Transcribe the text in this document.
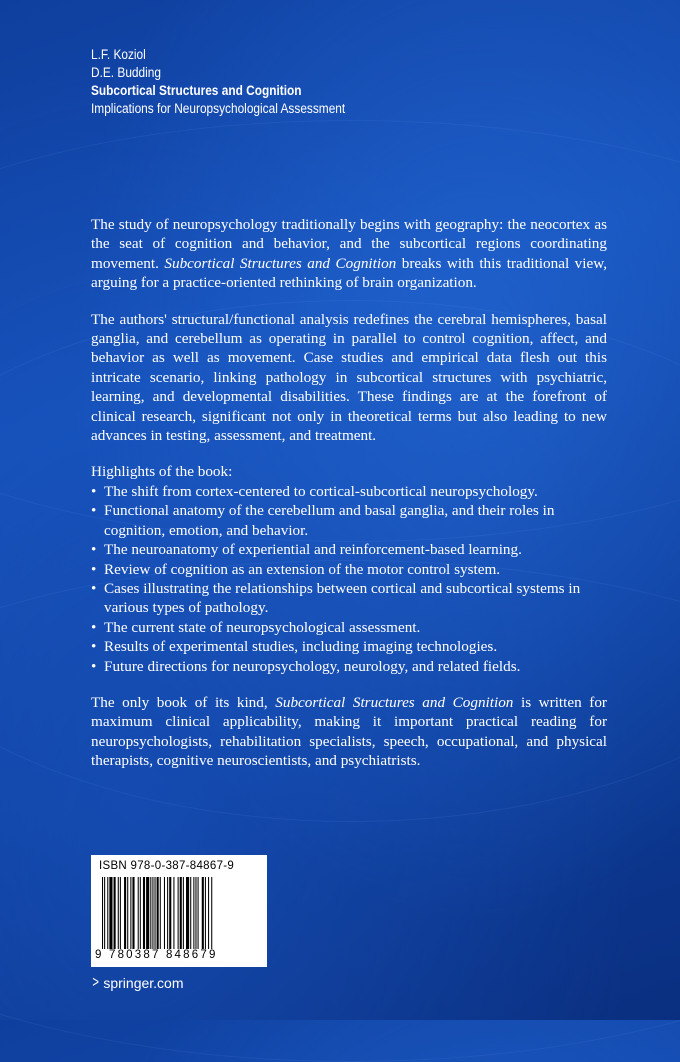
L.F. Koziol
D.E. Budding
Subcortical Structures and Cognition
Implications for Neuropsychological Assessment

The study of neuropsychology traditionally begins with geography: the neocortex as the seat of cognition and behavior, and the subcortical regions coordinating movement. Subcortical Structures and Cognition breaks with this traditional view, arguing for a practice-oriented rethinking of brain organization.

The authors' structural/functional analysis redefines the cerebral hemispheres, basal ganglia, and cerebellum as operating in parallel to control cognition, affect, and behavior as well as movement. Case studies and empirical data flesh out this intricate scenario, linking pathology in subcortical structures with psychiatric, learning, and developmental disabilities. These findings are at the forefront of clinical research, significant not only in theoretical terms but also leading to new advances in testing, assessment, and treatment.

Highlights of the book:

• The shift from cortex-centered to cortical-subcortical neuropsychology.
• Functional anatomy of the cerebellum and basal ganglia, and their roles in cognition, emotion, and behavior.
• The neuroanatomy of experiential and reinforcement-based learning.
• Review of cognition as an extension of the motor control system.
• Cases illustrating the relationships between cortical and subcortical systems in various types of pathology.
• The current state of neuropsychological assessment.
• Results of experimental studies, including imaging technologies.
• Future directions for neuropsychology, neurology, and related fields.

The only book of its kind, Subcortical Structures and Cognition is written for maximum clinical applicability, making it important practical reading for neuropsychologists, rehabilitation specialists, speech, occupational, and physical therapists, cognitive neuroscientists, and psychiatrists.

ISBN 978-0-387-84867-9
9 780387 848679
> springer.com
